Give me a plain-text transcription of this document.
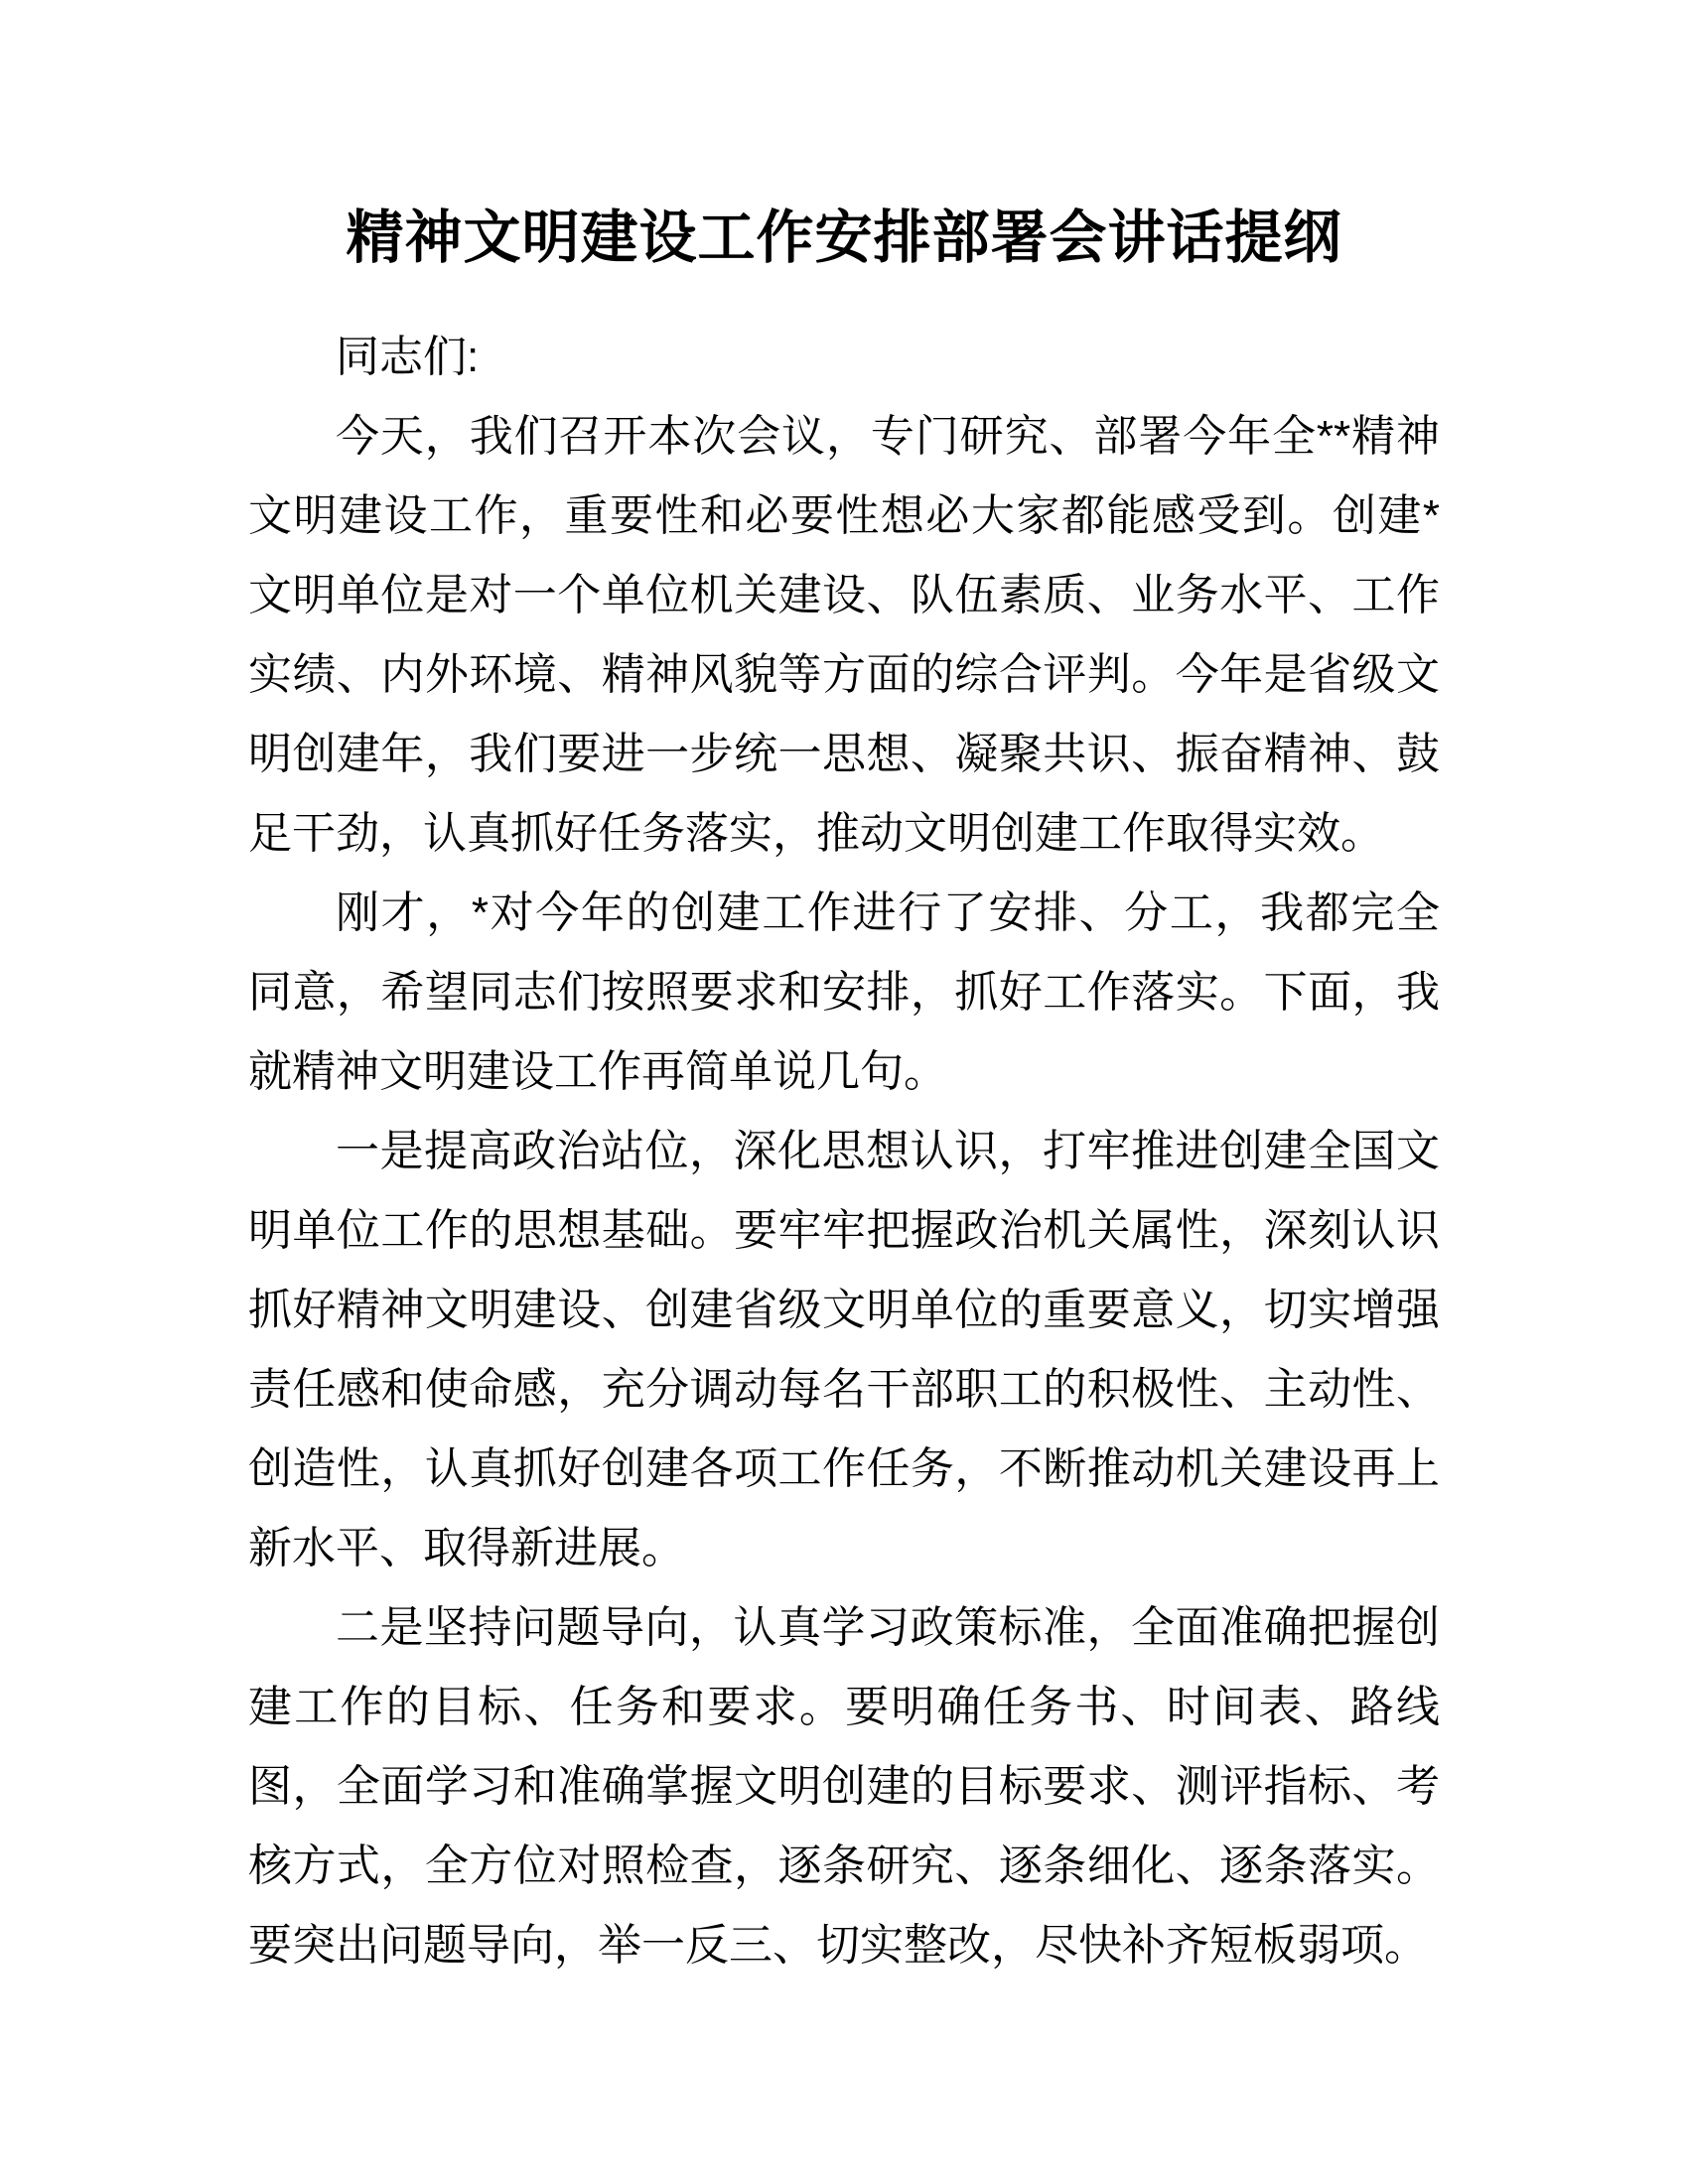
精神文明建设工作安排部署会讲话提纲

同志们:

今天，我们召开本次会议，专门研究、部署今年全**精神文明建设工作，重要性和必要性想必大家都能感受到。创建*文明单位是对一个单位机关建设、队伍素质、业务水平、工作实绩、内外环境、精神风貌等方面的综合评判。今年是省级文明创建年，我们要进一步统一思想、凝聚共识、振奋精神、鼓足干劲，认真抓好任务落实，推动文明创建工作取得实效。

刚才，*对今年的创建工作进行了安排、分工，我都完全同意，希望同志们按照要求和安排，抓好工作落实。下面，我就精神文明建设工作再简单说几句。

一是提高政治站位，深化思想认识，打牢推进创建全国文明单位工作的思想基础。要牢牢把握政治机关属性，深刻认识抓好精神文明建设、创建省级文明单位的重要意义，切实增强责任感和使命感，充分调动每名干部职工的积极性、主动性、创造性，认真抓好创建各项工作任务，不断推动机关建设再上新水平、取得新进展。

二是坚持问题导向，认真学习政策标准，全面准确把握创建工作的目标、任务和要求。要明确任务书、时间表、路线图，全面学习和准确掌握文明创建的目标要求、测评指标、考核方式，全方位对照检查，逐条研究、逐条细化、逐条落实。要突出问题导向，举一反三、切实整改，尽快补齐短板弱项。
